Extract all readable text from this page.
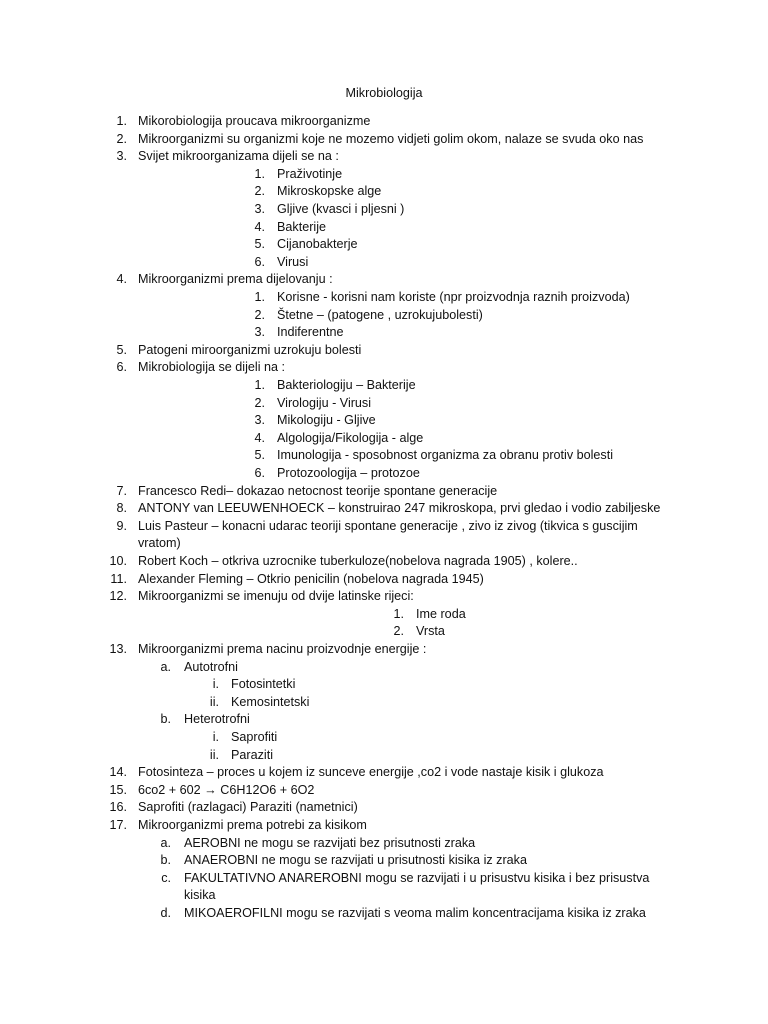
Mikrobiologija
1. Mikorobiologija proucava mikroorganizme
2. Mikroorganizmi su organizmi koje ne mozemo vidjeti golim okom, nalaze se svuda oko nas
3. Svijet mikroorganizama dijeli se na :
1. Praživotinje
2. Mikroskopske alge
3. Gljive (kvasci i pljesni )
4. Bakterije
5. Cijanobakterje
6. Virusi
4. Mikroorganizmi prema dijelovanju :
1. Korisne - korisni nam koriste (npr proizvodnja raznih proizvoda)
2. Štetne – (patogene , uzrokujubolesti)
3. Indiferentne
5. Patogeni miroorganizmi uzrokuju bolesti
6. Mikrobiologija se dijeli na :
1. Bakteriologiju – Bakterije
2. Virologiju - Virusi
3. Mikologiju - Gljive
4. Algologija/Fikologija - alge
5. Imunologija - sposobnost organizma za obranu protiv bolesti
6. Protozoologija – protozoe
7. Francesco Redi– dokazao netocnost teorije spontane generacije
8. ANTONY van LEEUWENHOECK – konstruirao 247 mikroskopa, prvi gledao i vodio zabiljeske
9. Luis Pasteur – konacni udarac teoriji spontane generacije , zivo iz zivog (tikvica s guscijim
vratom)
10. Robert Koch – otkriva uzrocnike tuberkuloze(nobelova nagrada 1905) , kolere..
11. Alexander Fleming – Otkrio penicilin (nobelova nagrada 1945)
12. Mikroorganizmi se imenuju od dvije latinske rijeci:
1. Ime roda
2. Vrsta
13. Mikroorganizmi prema nacinu proizvodnje energije :
a. Autotrofni
i. Fotosintetki
ii. Kemosintetski
b. Heterotrofni
i. Saprofiti
ii. Paraziti
14. Fotosinteza – proces u kojem iz sunceve energije ,co2 i vode nastaje kisik i glukoza
15. 6co2 + 602 → C6H12O6 + 6O2
16. Saprofiti (razlagaci) Paraziti (nametnici)
17. Mikroorganizmi prema potrebi za kisikom
a. AEROBNI ne mogu se razvijati bez prisutnosti zraka
b. ANAEROBNI ne mogu se razvijati u prisutnosti kisika iz zraka
c. FAKULTATIVNO ANAREROBNI mogu se razvijati i u prisustvu kisika i bez prisustva
kisika
d. MIKOAEROFILNI mogu se razvijati s veoma malim koncentracijama kisika iz zraka
